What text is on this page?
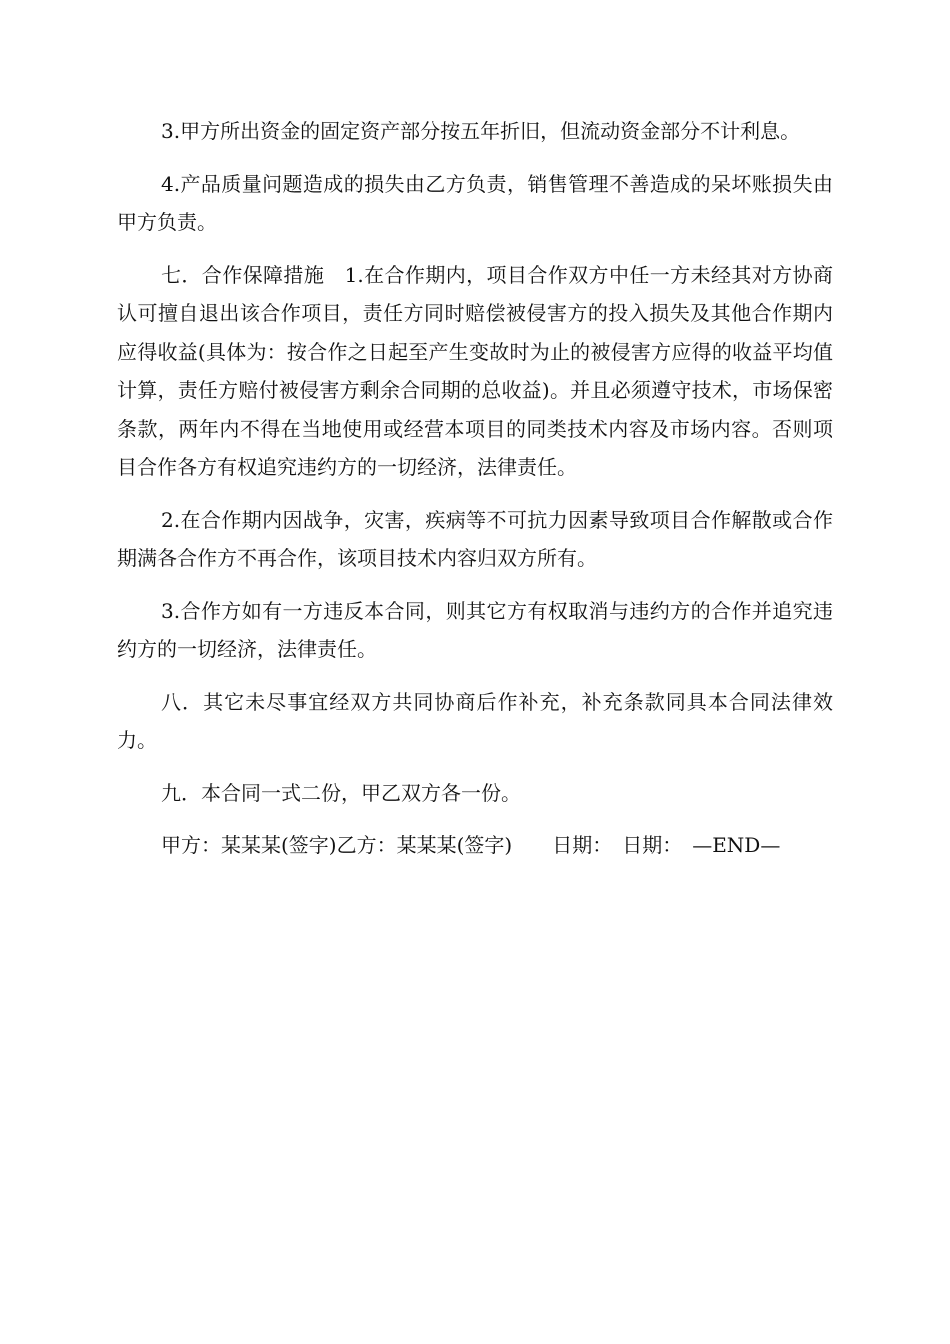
3.甲方所出资金的固定资产部分按五年折旧，但流动资金部分不计利息。

4.产品质量问题造成的损失由乙方负责，销售管理不善造成的呆坏账损失由甲方负责。

七．合作保障措施　1.在合作期内，项目合作双方中任一方未经其对方协商认可擅自退出该合作项目，责任方同时赔偿被侵害方的投入损失及其他合作期内应得收益(具体为：按合作之日起至产生变故时为止的被侵害方应得的收益平均值计算，责任方赔付被侵害方剩余合同期的总收益)。并且必须遵守技术，市场保密条款，两年内不得在当地使用或经营本项目的同类技术内容及市场内容。否则项目合作各方有权追究违约方的一切经济，法律责任。

2.在合作期内因战争，灾害，疾病等不可抗力因素导致项目合作解散或合作期满各合作方不再合作，该项目技术内容归双方所有。

3.合作方如有一方违反本合同，则其它方有权取消与违约方的合作并追究违约方的一切经济，法律责任。

八．其它未尽事宜经双方共同协商后作补充，补充条款同具本合同法律效力。

九．本合同一式二份，甲乙双方各一份。

甲方：某某某(签字)乙方：某某某(签字)　　日期：　日期：　—END—
